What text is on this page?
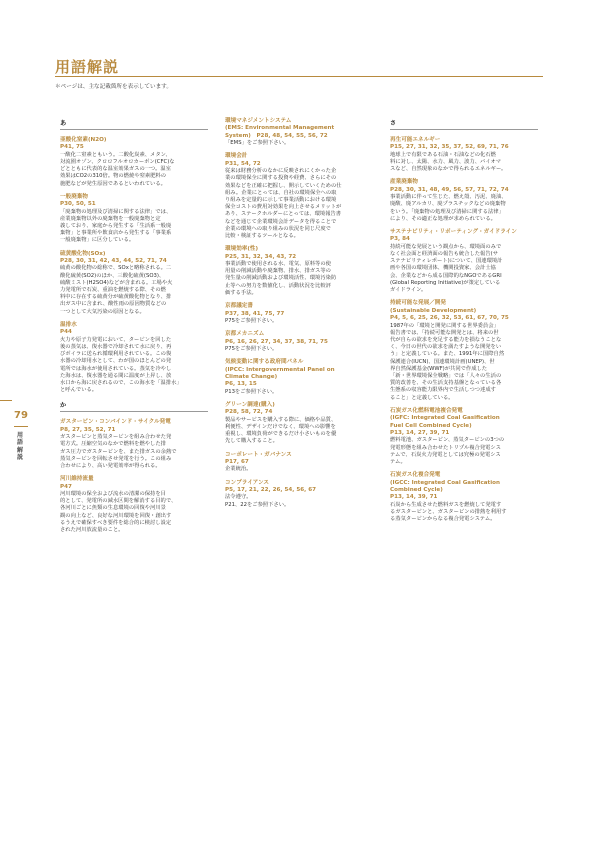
用語解説
＊ページは、主な記載箇所を表示しています。
あ
亜酸化窒素(N2O)
P41, 75
一酸化二窒素ともいう。二酸化炭素、メタン、
対流圏オゾン、クロロフルオロカーボン(CFC)な
どとともに代表的な温室効果ガスの一つ。温室
効果はCO2の310倍。物の燃焼や窒素肥料の
施肥などが発生原因であるといわれている。
一般廃棄物
P30, 50, 51
「廃棄物の処理及び清掃に関する法律」では、
産業廃棄物以外の廃棄物を一般廃棄物と定
義しており、家庭から発生する「生活系一般廃
棄物」と事業所や飲食店から発生する「事業系
一般廃棄物」に区分している。
硫黄酸化物(SOx)
P28, 30, 31, 42, 43, 44, 52, 71, 74
硫黄の酸化物の総称で、SOxと略称される。二
酸化硫黄(SO2)のほか、三酸化硫黄(SO3)、
硫酸ミスト(H2SO4)などが含まれる。工場や火
力発電所で石炭、重油を燃焼する際、その燃
料中に存在する硫黄分が硫黄酸化物となり、排
出ガス中に含まれ、酸性雨の原因物質などの
一つとして大気汚染の原因となる。
温排水
P44
火力や原子力発電において、タービンを回した
後の蒸気は、復水器で冷却されて水に戻り、再
びボイラに送られ循環利用されている。この復
水器の冷却用水として、わが国のほとんどの発
電所では海水が使用されている。蒸気を冷やし
た海水は、復水器を通る間に温度が上昇し、放
水口から海に戻されるので、この海水を「温排水」
と呼んでいる。
か
ガスタービン・コンバインド・サイクル発電
P8, 27, 35, 52, 71
ガスタービンと蒸気タービンを組み合わせた発
電方式。圧縮空気のなかで燃料を燃やした排
ガス圧力でガスタービンを、また排ガスの余熱で
蒸気タービンを回転させ発電を行う。この組み
合わせにより、高い発電効率が得られる。
河川維持流量
P47
河川環境の保全および流水の清潔の保持を目
的として、発電所の減水区間を解消する目的で、
各河川ごとに魚類の生息環境の回復や河川景
観の向上など、良好な河川環境を回復・創出す
るうえで確保すべき要件を総合的に検討し設定
された河川放流量のこと。
環境マネジメントシステム
(EMS: Environmental Management
System)　P28, 48, 54, 55, 56, 72
「EMS」をご参照下さい。
環境会計
P31, 54, 72
従来は財務分析のなかに反映されにくかった企
業の環境保全に関する投資や経費、さらにその
効果などを正確に把握し、開示していくための仕
組み。企業にとっては、自社の環境保全への取
り組みを定量的に示して事業活動における環境
保全コストの費用対効果を向上させるメリットが
あり、ステークホルダーにとっては、環境報告書
などを通じて企業環境会計データを得ることで
企業の環境への取り組みの状況を同じ尺度で
比較・検証するツールとなる。
環境効率(性)
P25, 31, 32, 34, 43, 72
事業活動で使用される水、電気、原料等の使
用量の削減活動や廃棄物、排水、排ガス等の
発生量の削減活動および環境活性、環境汚染防
止等への努力を数値化し、活動状況を比較評
価する手法。
京都議定書
P37, 38, 41, 75, 77
P75をご参照下さい。
京都メカニズム
P6, 16, 26, 27, 34, 37, 38, 71, 75
P75をご参照下さい。
気候変動に関する政府間パネル
(IPCC: Intergovernmental Panel on
Climate Change)
P6, 13, 15
P13をご参照下さい。
グリーン調達(購入)
P28, 58, 72, 74
製品やサービスを購入する際に、価格や品質、
利便性、デザインだけでなく、環境への影響を
重視し、環境負荷ができるだけ小さいものを優
先して購入すること。
コーポレート・ガバナンス
P17, 67
企業統治。
コンプライアンス
P5, 17, 21, 22, 26, 54, 56, 67
法令遵守。
P21、22をご参照下さい。
さ
再生可能エネルギー
P15, 27, 31, 32, 35, 37, 52, 69, 71, 76
地球上で有限である石油・石油などの化石燃
料に対し、太陽、水力、風力、波力、バイオマ
スなど、自然現象のなかで得られるエネルギー。
産業廃棄物
P28, 30, 31, 48, 49, 56, 57, 71, 72, 74
事業活動に伴って生じた、燃え殻、汚泥、廃油、
廃酸、廃アルカリ、廃プラスチックなどの廃棄物
をいう。「廃棄物の処理及び清掃に関する法律」
により、その適正な処理が求められている。
サステナビリティ・リポーティング・ガイドライン
P3, 84
持続可能な発展という観点から、環境面のみで
なく社会面と経済面の報告も統合した報告(サ
ステナビリティレポート)について、国連環境計
画や各国の環境団体、機関投資家、会計士協
会、企業などから成る国際的なNGOであるGRI
(Global Reporting Initiative)が策定している
ガイドライン。
持続可能な発展／開発
(Sustainable Development)
P4, 5, 6, 25, 26, 32, 53, 61, 67, 70, 75
1987年の「環境と開発に関する世界委員会」
報告書では、「持続可能な開発とは、将来の世
代が自らの欲求を充足する能力を損なうことな
く、今日の世代の欲求を満たすような開発をい
う」と定義している。また、1991年に国際自然
保護連合(IUCN)、国連環境計画(UNEP)、世
界自然保護基金(WWF)が共同で作成した
「新・世界環境保全戦略」では「人々の生活の
質的改善を、その生活支持基盤となっている各
生態系の収容能力限界内で生活しつつ達成す
ること」と定義している。
石炭ガス化燃料電池複合発電
(IGFC: Integrated Coal Gasification
Fuel Cell Combined Cycle)
P13, 14, 27, 39, 71
燃料電池、ガスタービン、蒸気タービンの3つの
発電形態を組み合わせたトリプル複合発電シス
テムで、石炭火力発電としては究極の発電シス
テム。
石炭ガス化複合発電
(IGCC: Integrated Coal Gasification
Combined Cycle)
P13, 14, 39, 71
石炭から生成させた燃料ガスを燃焼して発電す
るガスタービンと、ガスタービンの排熱を利用す
る蒸気タービンからなる複合発電システム。
79
用語解説
